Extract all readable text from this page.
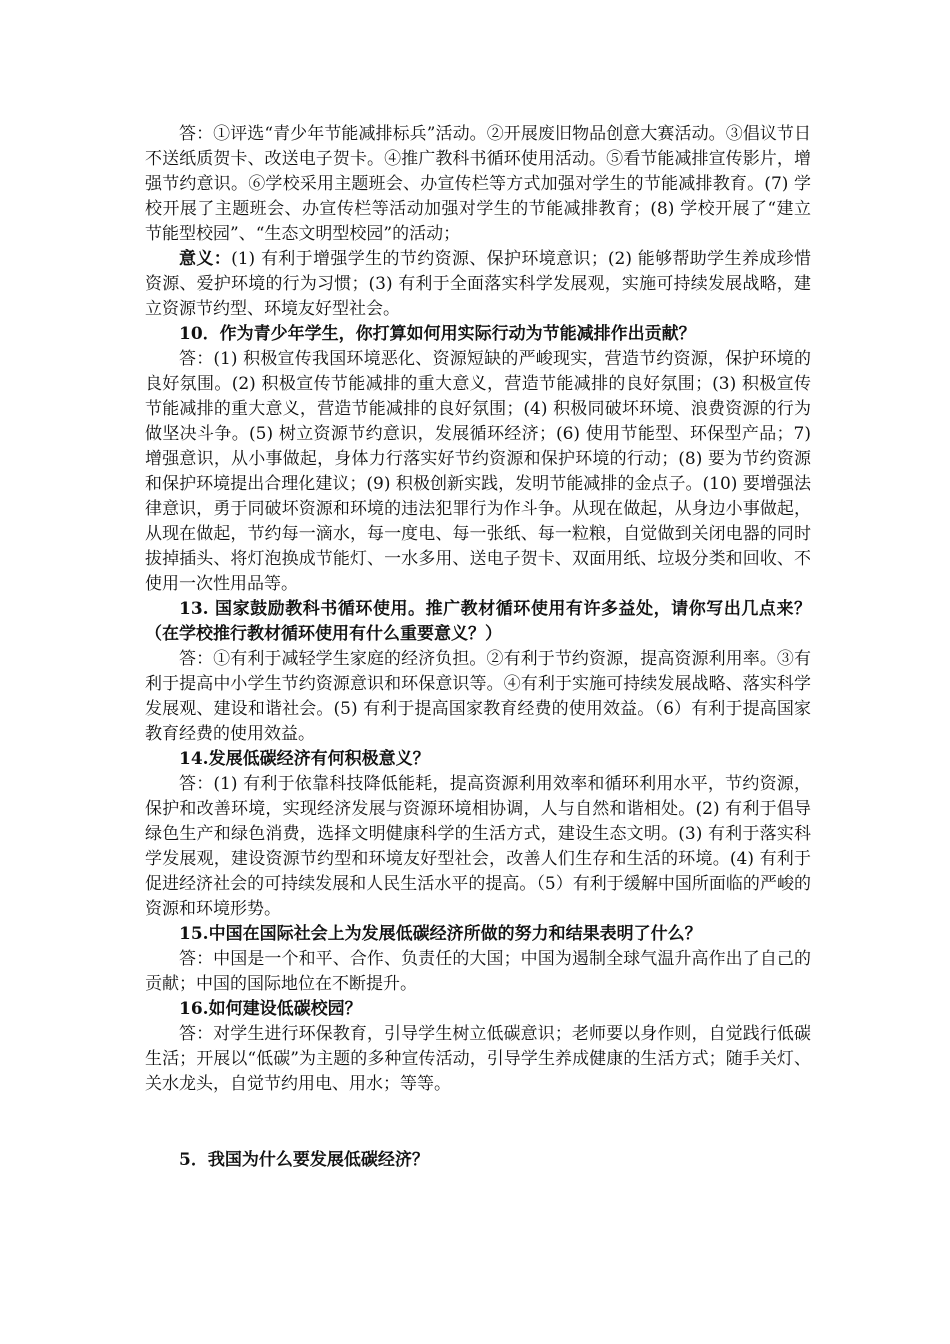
答：①评选“青少年节能减排标兵”活动。②开展废旧物品创意大赛活动。③倡议节日不送纸质贺卡、改送电子贺卡。④推广教科书循环使用活动。⑤看节能减排宣传影片，增强节约意识。⑥学校采用主题班会、办宣传栏等方式加强对学生的节能减排教育。(7) 学校开展了主题班会、办宣传栏等活动加强对学生的节能减排教育；(8) 学校开展了“建立节能型校园”、“生态文明型校园”的活动；

意义：(1) 有利于增强学生的节约资源、保护环境意识；(2) 能够帮助学生养成珍惜资源、爱护环境的行为习惯；(3) 有利于全面落实科学发展观，实施可持续发展战略，建立资源节约型、环境友好型社会。

10．作为青少年学生，你打算如何用实际行动为节能减排作出贡献？

答：(1) 积极宣传我国环境恶化、资源短缺的严峻现实，营造节约资源，保护环境的良好氛围。(2) 积极宣传节能减排的重大意义，营造节能减排的良好氛围；(3) 积极宣传节能减排的重大意义，营造节能减排的良好氛围；(4) 积极同破坏环境、浪费资源的行为做坚决斗争。(5) 树立资源节约意识，发展循环经济；(6) 使用节能型、环保型产品；7) 增强意识，从小事做起，身体力行落实好节约资源和保护环境的行动；(8) 要为节约资源和保护环境提出合理化建议；(9) 积极创新实践，发明节能减排的金点子。(10) 要增强法律意识，勇于同破坏资源和环境的违法犯罪行为作斗争。从现在做起，从身边小事做起，从现在做起，节约每一滴水，每一度电、每一张纸、每一粒粮，自觉做到关闭电器的同时拔掉插头、将灯泡换成节能灯、一水多用、送电子贺卡、双面用纸、垃圾分类和回收、不使用一次性用品等。

13. 国家鼓励教科书循环使用。推广教材循环使用有许多益处，请你写出几点来？（在学校推行教材循环使用有什么重要意义？）

答：①有利于减轻学生家庭的经济负担。②有利于节约资源，提高资源利用率。③有利于提高中小学生节约资源意识和环保意识等。④有利于实施可持续发展战略、落实科学发展观、建设和谐社会。(5) 有利于提高国家教育经费的使用效益。（6）有利于提高国家教育经费的使用效益。

14.发展低碳经济有何积极意义？

答：(1) 有利于依靠科技降低能耗，提高资源利用效率和循环利用水平，节约资源，保护和改善环境，实现经济发展与资源环境相协调，人与自然和谐相处。(2) 有利于倡导绿色生产和绿色消费，选择文明健康科学的生活方式，建设生态文明。(3) 有利于落实科学发展观，建设资源节约型和环境友好型社会，改善人们生存和生活的环境。(4) 有利于促进经济社会的可持续发展和人民生活水平的提高。（5）有利于缓解中国所面临的严峻的资源和环境形势。

15.中国在国际社会上为发展低碳经济所做的努力和结果表明了什么？

答：中国是一个和平、合作、负责任的大国；中国为遏制全球气温升高作出了自己的贡献；中国的国际地位在不断提升。

16.如何建设低碳校园？

答：对学生进行环保教育，引导学生树立低碳意识；老师要以身作则，自觉践行低碳生活；开展以“低碳”为主题的多种宣传活动，引导学生养成健康的生活方式；随手关灯、关水龙头，自觉节约用电、用水；等等。

5．我国为什么要发展低碳经济？
